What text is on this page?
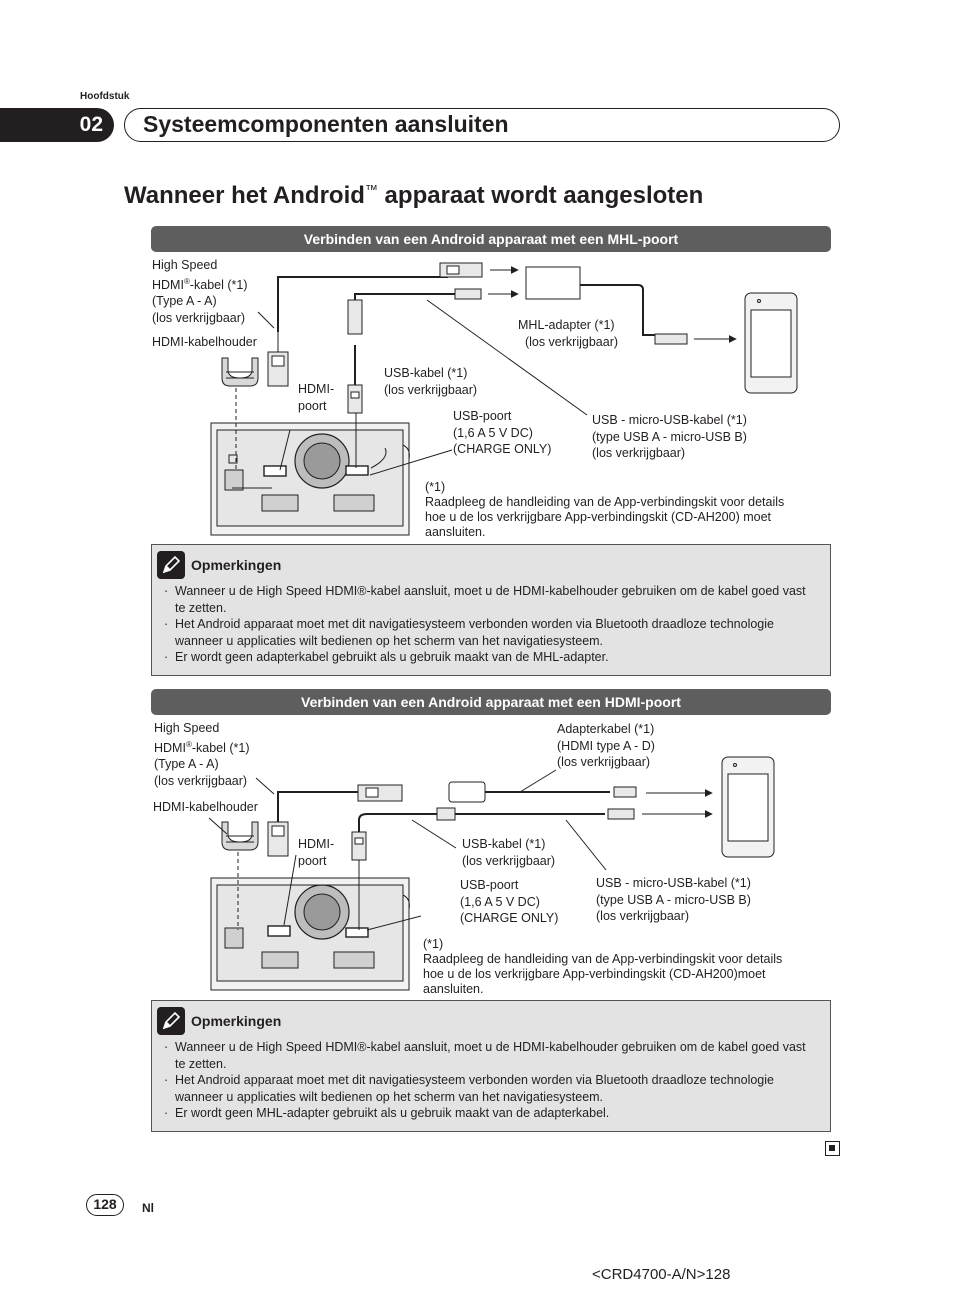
Hoofdstuk
02	Systeemcomponenten aansluiten
Wanneer het Android™ apparaat wordt aangesloten
Verbinden van een Android apparaat met een MHL-poort
High Speed
HDMI®-kabel (*1)
(Type A - A)
(los verkrijgbaar)
HDMI-kabelhouder
HDMI-
poort
USB-kabel (*1)
(los verkrijgbaar)
USB-poort
(1,6 A 5 V DC)
(CHARGE ONLY)
MHL-adapter (*1)
(los verkrijgbaar)
USB - micro-USB-kabel (*1)
(type USB A - micro-USB B)
(los verkrijgbaar)
(*1)
Raadpleeg de handleiding van de App-verbindingskit voor details
hoe u de los verkrijgbare App-verbindingskit (CD-AH200) moet
aansluiten.
Opmerkingen
· Wanneer u de High Speed HDMI®-kabel aansluit, moet u de HDMI-kabelhouder gebruiken om de kabel goed vast te zetten.
· Het Android apparaat moet met dit navigatiesysteem verbonden worden via Bluetooth draadloze technologie wanneer u applicaties wilt bedienen op het scherm van het navigatiesysteem.
· Er wordt geen adapterkabel gebruikt als u gebruik maakt van de MHL-adapter.
Verbinden van een Android apparaat met een HDMI-poort
High Speed
HDMI®-kabel (*1)
(Type A - A)
(los verkrijgbaar)
HDMI-kabelhouder
HDMI-
poort
Adapterkabel (*1)
(HDMI type A - D)
(los verkrijgbaar)
USB-kabel (*1)
(los verkrijgbaar)
USB-poort
(1,6 A 5 V DC)
(CHARGE ONLY)
USB - micro-USB-kabel (*1)
(type USB A - micro-USB B)
(los verkrijgbaar)
(*1)
Raadpleeg de handleiding van de App-verbindingskit voor details
hoe u de los verkrijgbare App-verbindingskit (CD-AH200)moet
aansluiten.
Opmerkingen
· Wanneer u de High Speed HDMI®-kabel aansluit, moet u de HDMI-kabelhouder gebruiken om de kabel goed vast te zetten.
· Het Android apparaat moet met dit navigatiesysteem verbonden worden via Bluetooth draadloze technologie wanneer u applicaties wilt bedienen op het scherm van het navigatiesysteem.
· Er wordt geen MHL-adapter gebruikt als u gebruik maakt van de adapterkabel.
128	Nl
<CRD4700-A/N>128
